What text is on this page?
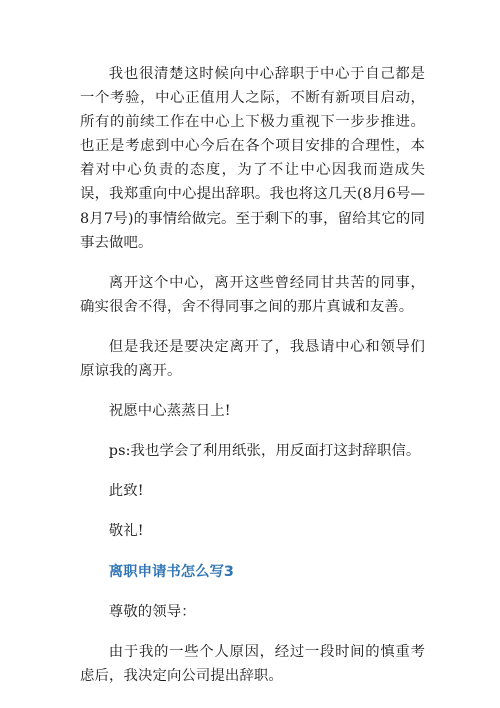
我也很清楚这时候向中心辞职于中心于自己都是一个考验，中心正值用人之际，不断有新项目启动，所有的前续工作在中心上下极力重视下一步步推进。也正是考虑到中心今后在各个项目安排的合理性，本着对中心负责的态度，为了不让中心因我而造成失误，我郑重向中心提出辞职。我也将这几天(8月6号—8月7号)的事情给做完。至于剩下的事，留给其它的同事去做吧。

离开这个中心，离开这些曾经同甘共苦的同事，确实很舍不得，舍不得同事之间的那片真诚和友善。

但是我还是要决定离开了，我恳请中心和领导们原谅我的离开。

祝愿中心蒸蒸日上!

ps:我也学会了利用纸张，用反面打这封辞职信。

此致!

敬礼!

离职申请书怎么写3

尊敬的领导：

由于我的一些个人原因，经过一段时间的慎重考虑后，我决定向公司提出辞职。
